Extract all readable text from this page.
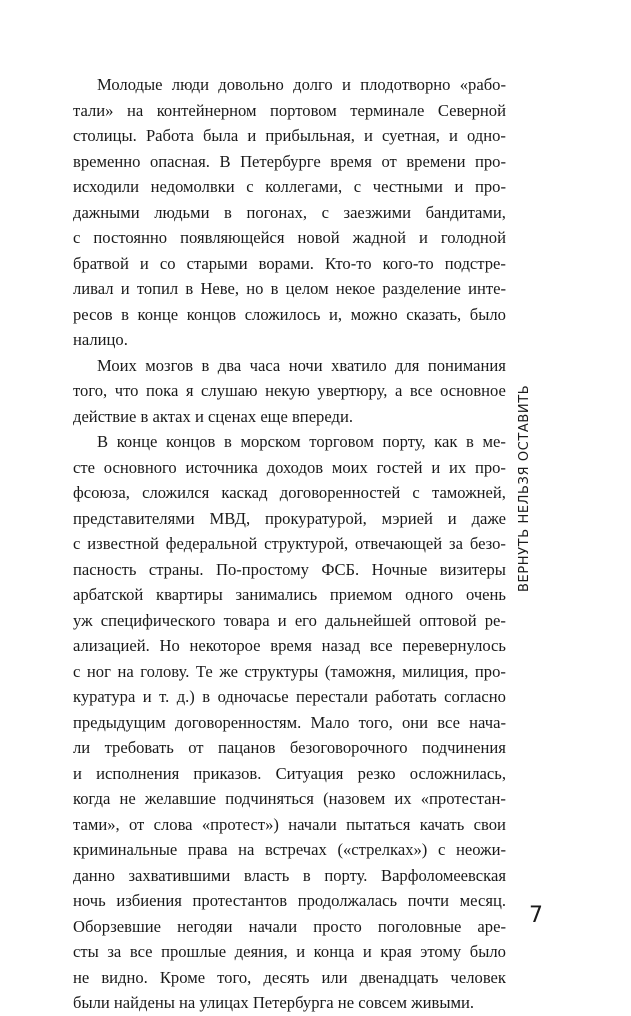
Молодые люди довольно долго и плодотворно «рабо-
тали» на контейнерном портовом терминале Северной
столицы. Работа была и прибыльная, и суетная, и одно-
временно опасная. В Петербурге время от времени про-
исходили недомолвки с коллегами, с честными и про-
дажными людьми в погонах, с заезжими бандитами,
с постоянно появляющейся новой жадной и голодной
братвой и со старыми ворами. Кто-то кого-то подстре-
ливал и топил в Неве, но в целом некое разделение инте-
ресов в конце концов сложилось и, можно сказать, было
налицо.
Моих мозгов в два часа ночи хватило для понимания
того, что пока я слушаю некую увертюру, а все основное
действие в актах и сценах еще впереди.
В конце концов в морском торговом порту, как в ме-
сте основного источника доходов моих гостей и их про-
фсоюза, сложился каскад договоренностей с таможней,
представителями МВД, прокуратурой, мэрией и даже
с известной федеральной структурой, отвечающей за безо-
пасность страны. По-простому ФСБ. Ночные визитеры
арбатской квартиры занимались приемом одного очень
уж специфического товара и его дальнейшей оптовой ре-
ализацией. Но некоторое время назад все перевернулось
с ног на голову. Те же структуры (таможня, милиция, про-
куратура и т. д.) в одночасье перестали работать согласно
предыдущим договоренностям. Мало того, они все нача-
ли требовать от пацанов безоговорочного подчинения
и исполнения приказов. Ситуация резко осложнилась,
когда не желавшие подчиняться (назовем их «протестан-
тами», от слова «протест») начали пытаться качать свои
криминальные права на встречах («стрелках») с неожи-
данно захватившими власть в порту. Варфоломеевская
ночь избиения протестантов продолжалась почти месяц.
Оборзевшие негодяи начали просто поголовные аре-
сты за все прошлые деяния, и конца и края этому было
не видно. Кроме того, десять или двенадцать человек
были найдены на улицах Петербурга не совсем живыми.
ВЕРНУТЬ НЕЛЬЗЯ ОСТАВИТЬ
7
